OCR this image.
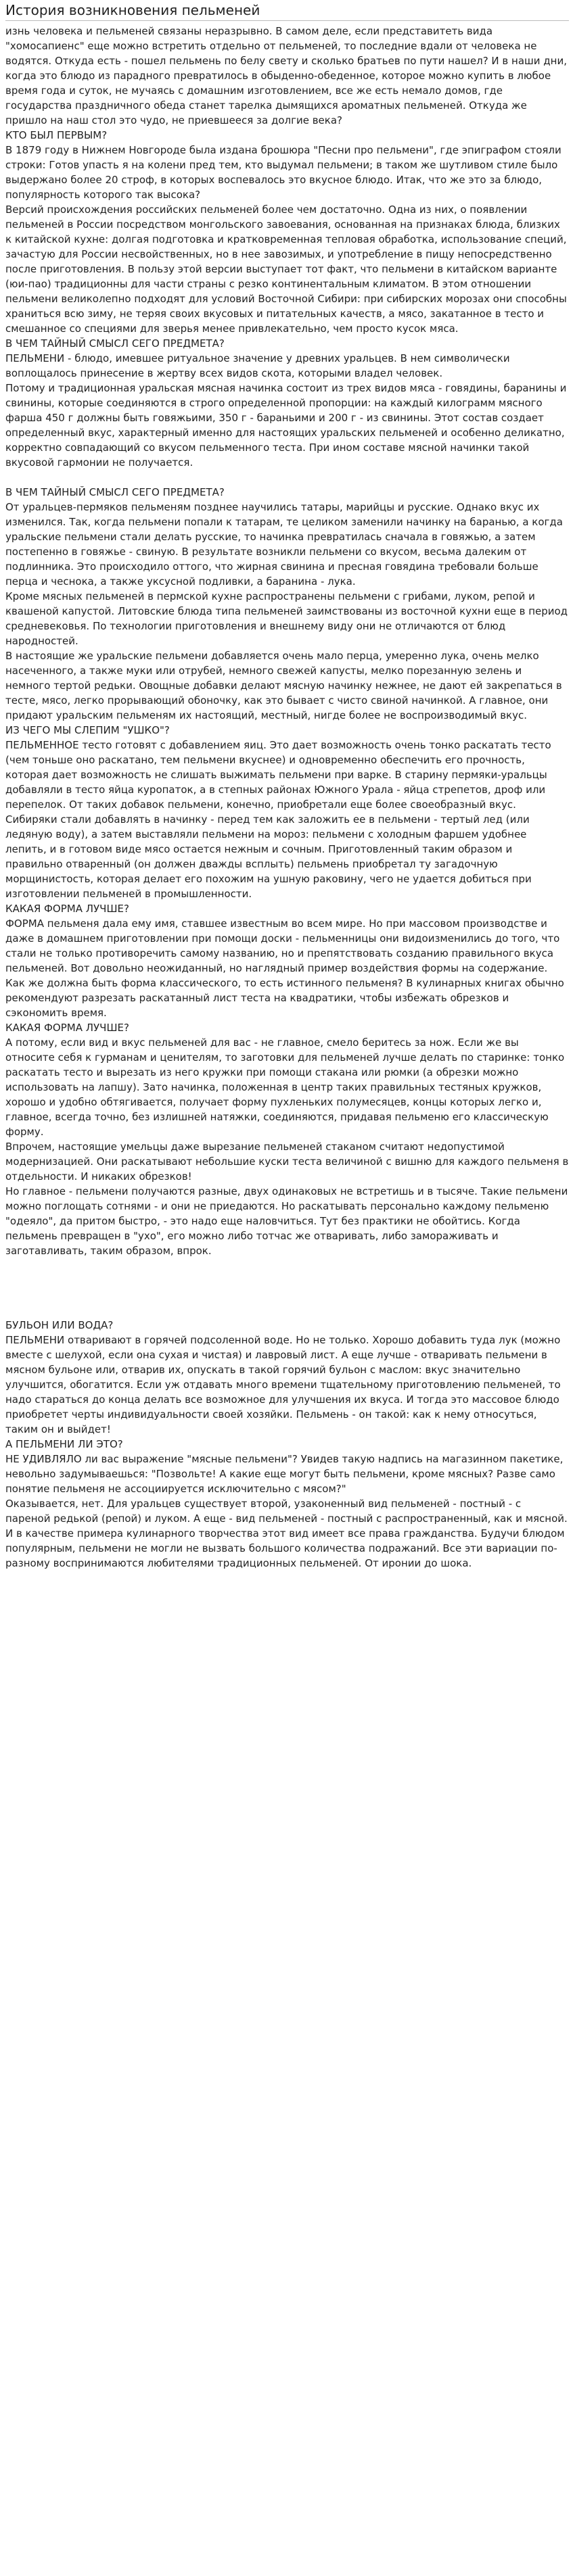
История возникновения пельменей
изнь человека и пельменей связаны неразрывно. В самом деле, если представитеть вида "хомосапиенс" еще можно встретить отдельно от пельменей, то последние вдали от человека не водятся. Откуда есть - пошел пельмень по белу свету и сколько братьев по пути нашел? И в наши дни, когда это блюдо из парадного превратилось в обыденно-обеденное, которое можно купить в любое время года и суток, не мучаясь с домашним изготовлением, все же есть немало домов, где государства праздничного обеда станет тарелка дымящихся ароматных пельменей. Откуда же пришло на наш стол это чудо, не приевшееся за долгие века?
КТО БЫЛ ПЕРВЫМ?
В 1879 году в Нижнем Новгороде была издана брошюра "Песни про пельмени", где эпиграфом стояли строки: Готов упасть я на колени пред тем, кто выдумал пельмени; в таком же шутливом стиле было выдержано более 20 строф, в которых воспевалось это вкусное блюдо. Итак, что же это за блюдо, популярность которого так высока?
Версий происхождения российских пельменей более чем достаточно. Одна из них, о появлении пельменей в России посредством монгольского завоевания, основанная на признаках блюда, близких к китайской кухне: долгая подготовка и кратковременная тепловая обработка, использование специй, зачастую для России несвойственных, но в нее завозимых, и употребление в пищу непосредственно после приготовления. В пользу этой версии выступает тот факт, что пельмени в китайском варианте (юи-пао) традиционны для части страны с резко континентальным климатом. В этом отношении пельмени великолепно подходят для условий Восточной Сибири: при сибирских морозах они способны храниться всю зиму, не теряя своих вкусовых и питательных качеств, а мясо, закатанное в тесто и смешанное со специями для зверья менее привлекательно, чем просто кусок мяса.
В ЧЕМ ТАЙНЫЙ СМЫСЛ СЕГО ПРЕДМЕТА?
ПЕЛЬМЕНИ - блюдо, имевшее ритуальное значение у древних уральцев. В нем символически воплощалось принесение в жертву всех видов скота, которыми владел человек.
Потому и традиционная уральская мясная начинка состоит из трех видов мяса - говядины, баранины и свинины, которые соединяются в строго определенной пропорции: на каждый килограмм мясного фарша 450 г должны быть говяжьими, 350 г - бараньими и 200 г - из свинины. Этот состав создает определенный вкус, характерный именно для настоящих уральских пельменей и особенно деликатно, корректно совпадающий со вкусом пельменного теста. При ином составе мясной начинки такой вкусовой гармонии не получается.
В ЧЕМ ТАЙНЫЙ СМЫСЛ СЕГО ПРЕДМЕТА?
От уральцев-пермяков пельменям позднее научились татары, марийцы и русские. Однако вкус их изменился. Так, когда пельмени попали к татарам, те целиком заменили начинку на баранью, а когда уральские пельмени стали делать русские, то начинка превратилась сначала в говяжью, а затем постепенно в говяжье - свиную. В результате возникли пельмени со вкусом, весьма далеким от подлинника. Это происходило оттого, что жирная свинина и пресная говядина требовали больше перца и чеснока, а также уксусной подливки, а баранина - лука.
Кроме мясных пельменей в пермской кухне распространены пельмени с грибами, луком, репой и квашеной капустой. Литовские блюда типа пельменей заимствованы из восточной кухни еще в период средневековья. По технологии приготовления и внешнему виду они не отличаются от блюд народностей.
В настоящие же уральские пельмени добавляется очень мало перца, умеренно лука, очень мелко насеченного, а также муки или отрубей, немного свежей капусты, мелко порезанную зелень и немного тертой редьки. Овощные добавки делают мясную начинку нежнее, не дают ей закрепаться в тесте, мясо, легко прорывающий обоночку, как это бывает с чисто свиной начинкой. А главное, они придают уральским пельменям их настоящий, местный, нигде более не воспроизводимый вкус.
ИЗ ЧЕГО МЫ СЛЕПИМ "УШКО"?
ПЕЛЬМЕННОЕ тесто готовят с добавлением яиц. Это дает возможность очень тонко раскатать тесто (чем тоньше оно раскатано, тем пельмени вкуснее) и одновременно обеспечить его прочность, которая дает возможность не слишать выжимать пельмени при варке. В старину пермяки-уральцы добавляли в тесто яйца куропаток, а в степных районах Южного Урала - яйца стрепетов, дроф или перепелок. От таких добавок пельмени, конечно, приобретали еще более своеобразный вкус.
Сибиряки стали добавлять в начинку - перед тем как заложить ее в пельмени - тертый лед (или ледяную воду), а затем выставляли пельмени на мороз: пельмени с холодным фаршем удобнее лепить, и в готовом виде мясо остается нежным и сочным. Приготовленный таким образом и правильно отваренный (он должен дважды всплыть) пельмень приобретал ту загадочную морщинистость, которая делает его похожим на ушную раковину, чего не удается добиться при изготовлении пельменей в промышленности.
КАКАЯ ФОРМА ЛУЧШЕ?
ФОРМА пельменя дала ему имя, ставшее известным во всем мире. Но при массовом производстве и даже в домашнем приготовлении при помощи доски - пельменницы они видоизменились до того, что стали не только противоречить самому названию, но и препятствовать созданию правильного вкуса пельменей. Вот довольно неожиданный, но наглядный пример воздействия формы на содержание.
Как же должна быть форма классического, то есть истинного пельменя? В кулинарных книгах обычно рекомендуют разрезать раскатанный лист теста на квадратики, чтобы избежать обрезков и сэкономить время.
КАКАЯ ФОРМА ЛУЧШЕ?
А потому, если вид и вкус пельменей для вас - не главное, смело беритесь за нож. Если же вы относите себя к гурманам и ценителям, то заготовки для пельменей лучше делать по старинке: тонко раскатать тесто и вырезать из него кружки при помощи стакана или рюмки (а обрезки можно использовать на лапшу). Зато начинка, положенная в центр таких правильных тестяных кружков, хорошо и удобно обтягивается, получает форму пухленьких полумесяцев, концы которых легко и, главное, всегда точно, без излишней натяжки, соединяются, придавая пельменю его классическую форму.
Впрочем, настоящие умельцы даже вырезание пельменей стаканом считают недопустимой модернизацией. Они раскатывают небольшие куски теста величиной с вишню для каждого пельменя в отдельности. И никаких обрезков!
Но главное - пельмени получаются разные, двух одинаковых не встретишь и в тысяче. Такие пельмени можно поглощать сотнями - и они не приедаются. Но раскатывать персонально каждому пельменю "одеяло", да притом быстро, - это надо еще наловчиться. Тут без практики не обойтись. Когда пельмень превращен в "ухо", его можно либо тотчас же отваривать, либо замораживать и заготавливать, таким образом, впрок.
БУЛЬОН ИЛИ ВОДА?
ПЕЛЬМЕНИ отваривают в горячей подсоленной воде. Но не только. Хорошо добавить туда лук (можно вместе с шелухой, если она сухая и чистая) и лавровый лист. А еще лучше - отваривать пельмени в мясном бульоне или, отварив их, опускать в такой горячий бульон с маслом: вкус значительно улучшится, обогатится. Если уж отдавать много времени тщательному приготовлению пельменей, то надо стараться до конца делать все возможное для улучшения их вкуса. И тогда это массовое блюдо приобретет черты индивидуальности своей хозяйки. Пельмень - он такой: как к нему относуться, таким он и выйдет!
А ПЕЛЬМЕНИ ЛИ ЭТО?
НЕ УДИВЛЯЛО ли вас выражение "мясные пельмени"? Увидев такую надпись на магазинном пакетике, невольно задумываешься: "Позвольте! А какие еще могут быть пельмени, кроме мясных? Разве само понятие пельменя не ассоциируется исключительно с мясом?"
Оказывается, нет. Для уральцев существует второй, узаконенный вид пельменей - постный - с пареной редькой (репой) и луком. А еще - вид пельменей - постный с распространенный, как и мясной. И в качестве примера кулинарного творчества этот вид имеет все права гражданства. Будучи блюдом популярным, пельмени не могли не вызвать большого количества подражаний. Все эти вариации по-разному воспринимаются любителями традиционных пельменей. От иронии до шока.
